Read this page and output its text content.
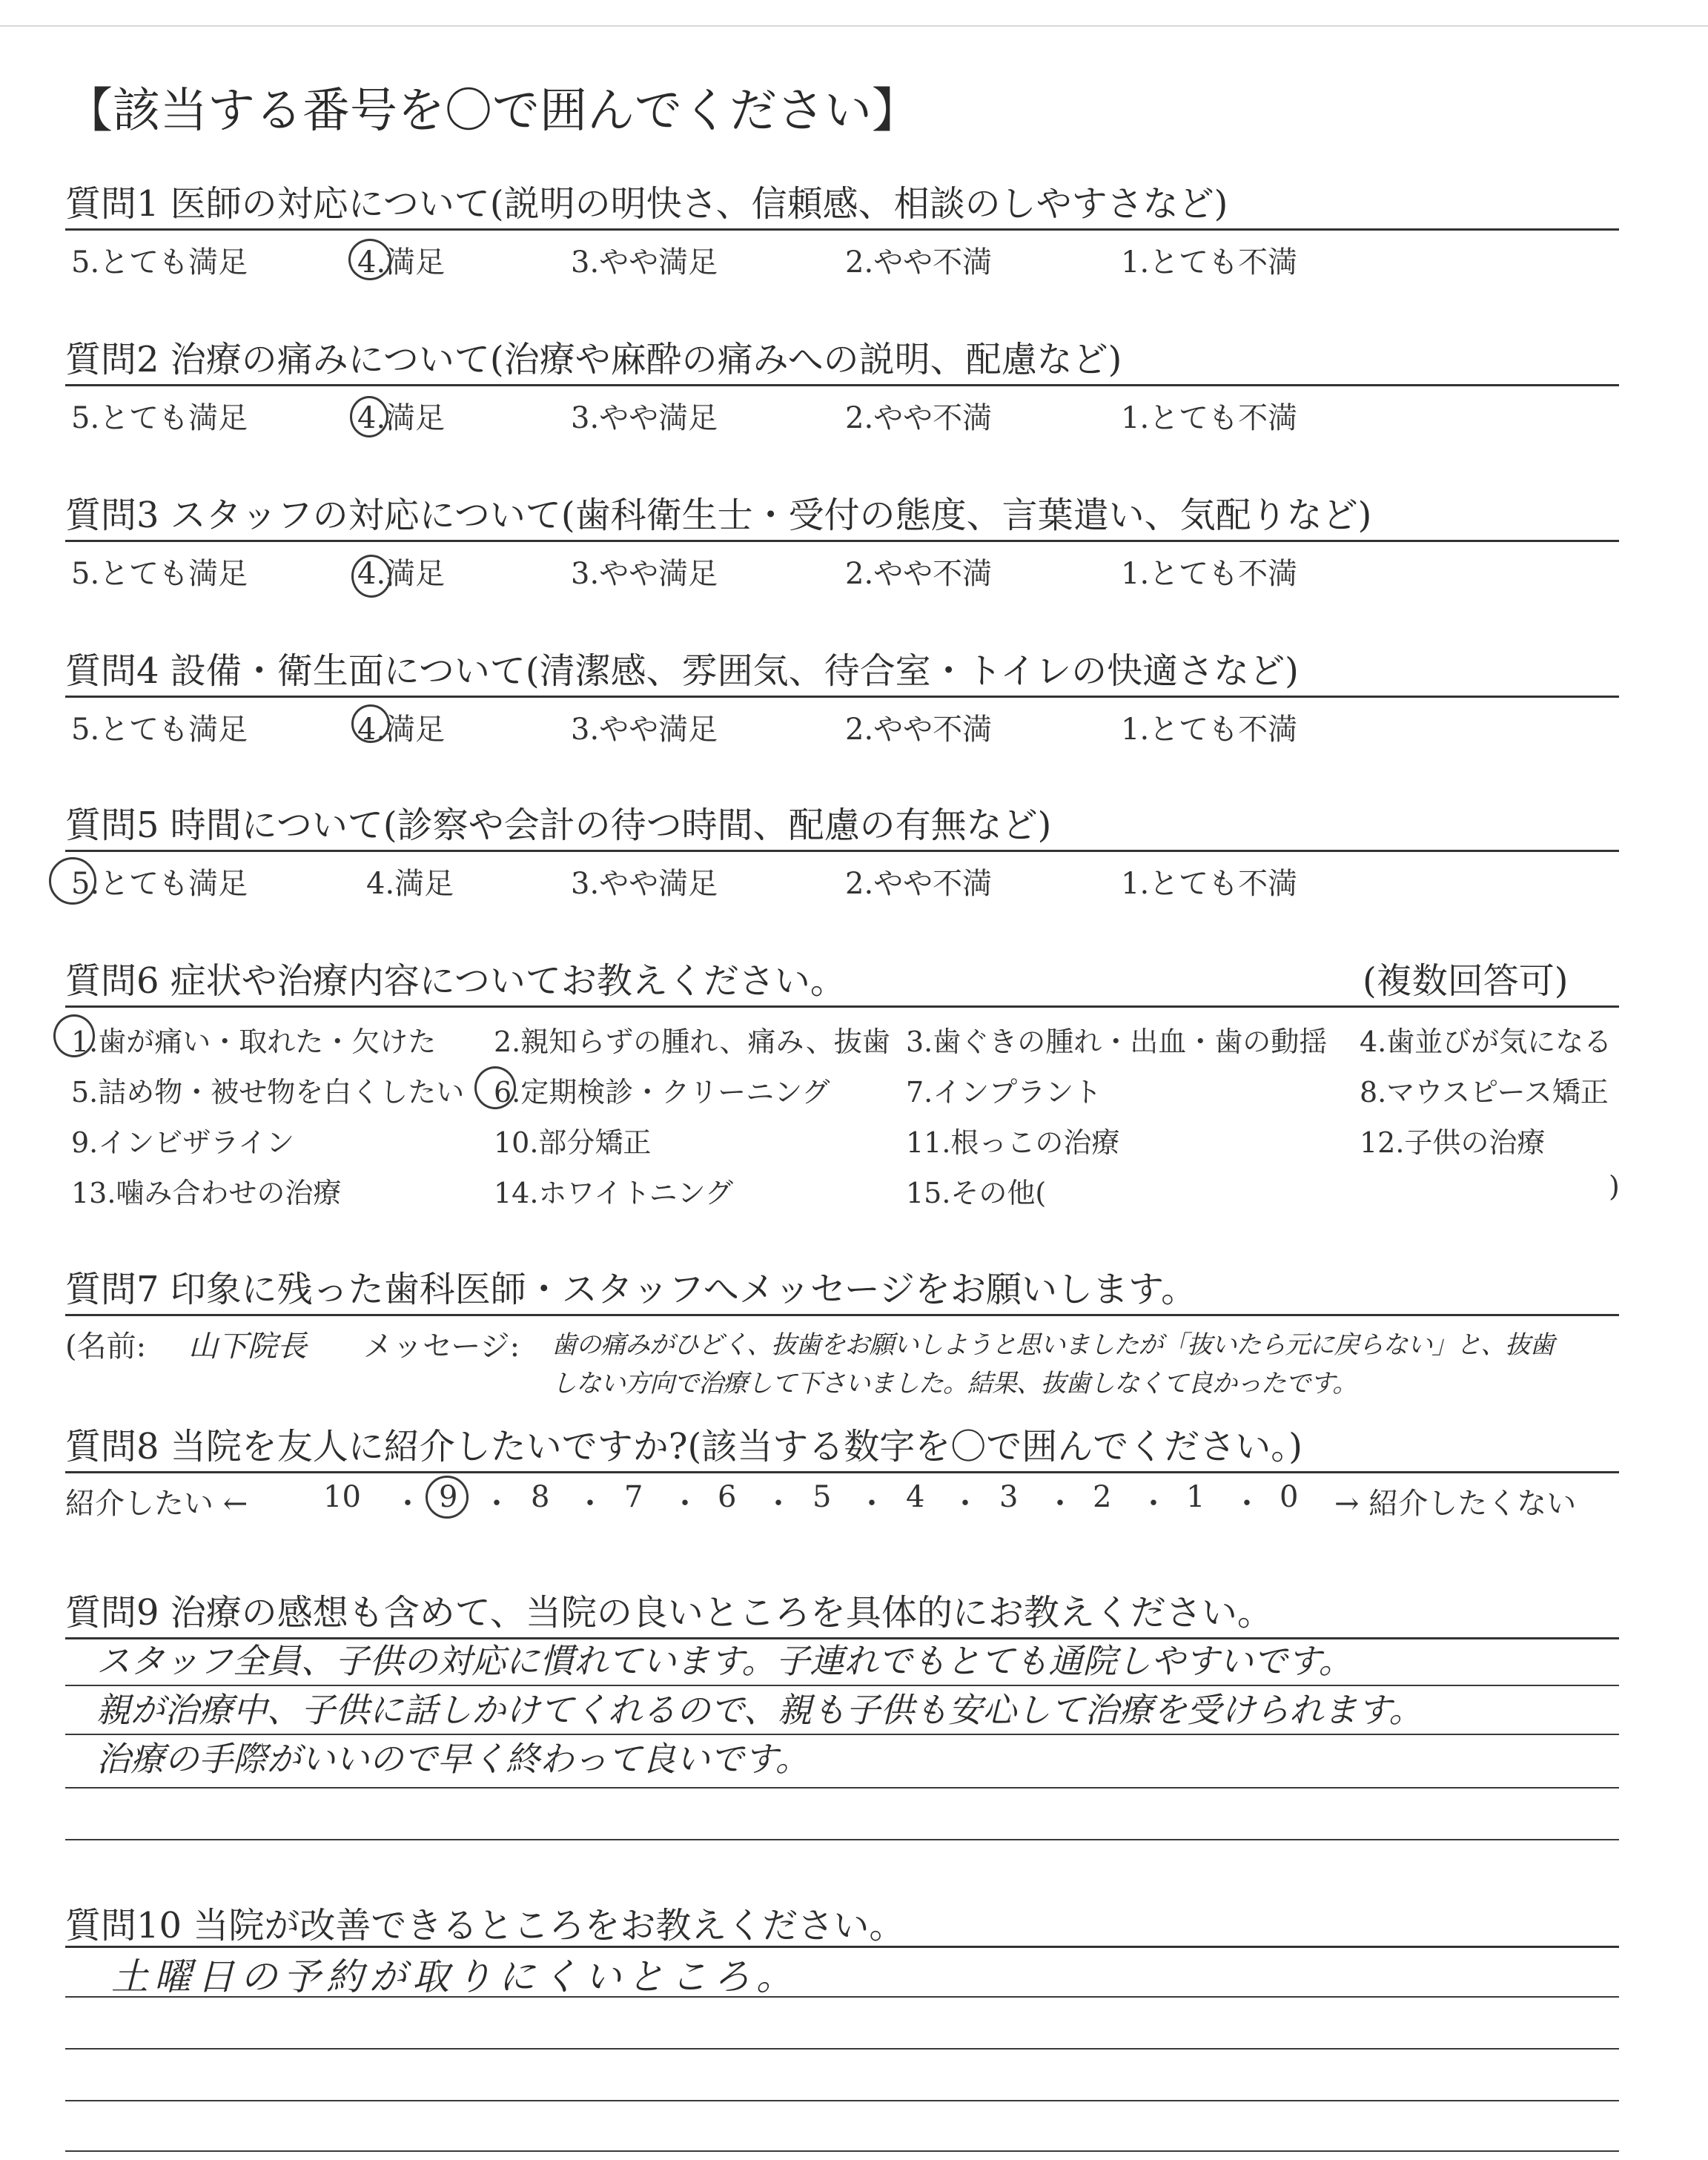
【該当する番号を〇で囲んでください】
質問1 医師の対応について(説明の明快さ、信頼感、相談のしやすさなど)
5.とても満足	4.満足	3.やや満足	2.やや不満	1.とても不満
質問2 治療の痛みについて(治療や麻酔の痛みへの説明、配慮など)
5.とても満足	4.満足	3.やや満足	2.やや不満	1.とても不満
質問3 スタッフの対応について(歯科衛生士・受付の態度、言葉遣い、気配りなど)
5.とても満足	4.満足	3.やや満足	2.やや不満	1.とても不満
質問4 設備・衛生面について(清潔感、雰囲気、待合室・トイレの快適さなど)
5.とても満足	4.満足	3.やや満足	2.やや不満	1.とても不満
質問5 時間について(診察や会計の待つ時間、配慮の有無など)
5.とても満足	4.満足	3.やや満足	2.やや不満	1.とても不満
質問6 症状や治療内容についてお教えください。	(複数回答可)
1.歯が痛い・取れた・欠けた 2.親知らずの腫れ、痛み、抜歯 3.歯ぐきの腫れ・出血・歯の動揺 4.歯並びが気になる
5.詰め物・被せ物を白くしたい 6.定期検診・クリーニング	7.インプラント	8.マウスピース矯正
9.インビザライン	10.部分矯正	11.根っこの治療	12.子供の治療
13.噛み合わせの治療	14.ホワイトニング	15.その他(	)
質問7 印象に残った歯科医師・スタッフへメッセージをお願いします。
(名前: 山下院長 メッセージ: 歯の痛みがひどく、抜歯をお願いしようと思いましたが「抜いたら元に戻らない」と、抜歯
しない方向で治療して下さいました。結果、抜歯しなくて良かったです。
質問8 当院を友人に紹介したいですか?(該当する数字を〇で囲んでください。)
紹介したい ←	10 ・ 9 ・ 8 ・ 7 ・ 6 ・ 5 ・ 4 ・ 3 ・ 2 ・ 1 ・ 0 → 紹介したくない
質問9 治療の感想も含めて、当院の良いところを具体的にお教えください。
スタッフ全員、子供の対応に慣れています。子連れでもとても通院しやすいです。
親が治療中、子供に話しかけてくれるので、親も子供も安心して治療を受けられます。
治療の手際がいいので早く終わって良いです。
質問10 当院が改善できるところをお教えください。
土曜日の予約が取りにくいところ。
